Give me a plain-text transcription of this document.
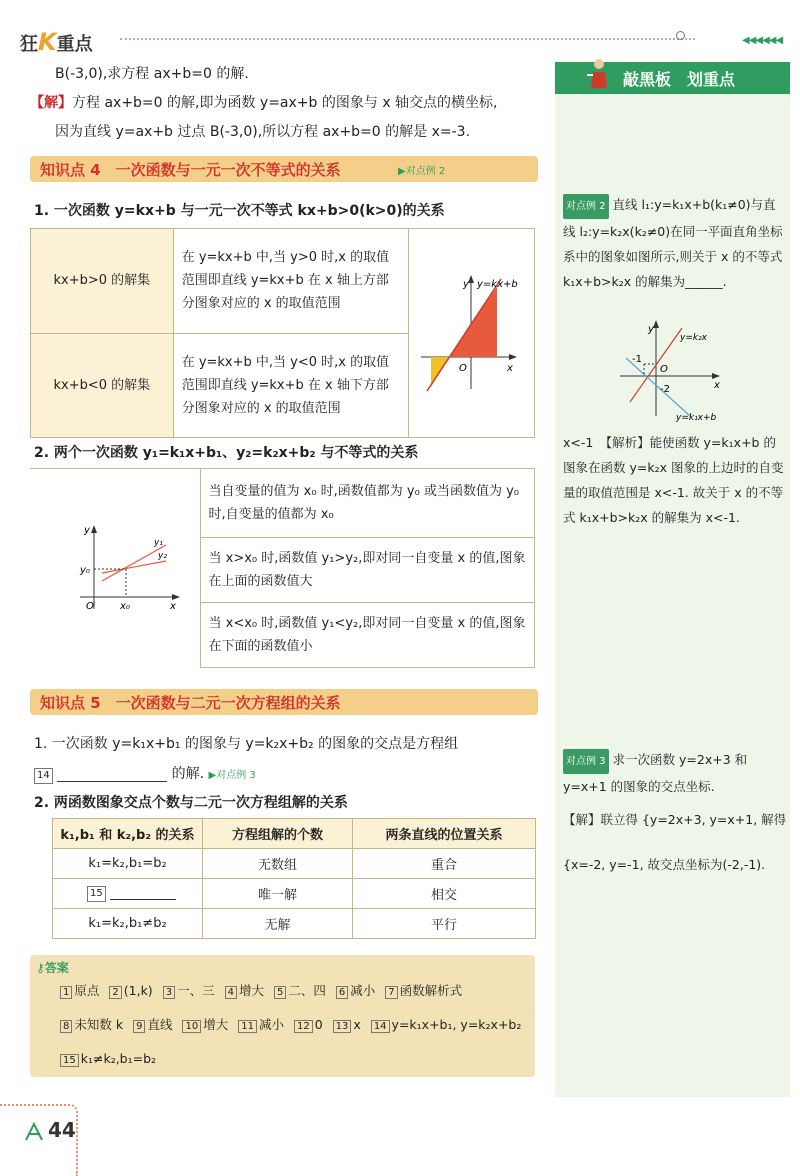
狂K重点	◀◀◀◀◀◀
B(-3,0),求方程 ax+b=0 的解.
【解】方程 ax+b=0 的解,即为函数 y=ax+b 的图象与 x 轴交点的横坐标,
因为直线 y=ax+b 过点 B(-3,0),所以方程 ax+b=0 的解是 x=-3.
知识点 4　一次函数与一元一次不等式的关系	▶对点例 2
1. 一次函数 y=kx+b 与一元一次不等式 kx+b>0(k>0)的关系
kx+b>0 的解集	在 y=kx+b 中,当 y>0 时,x 的取值范围即直线 y=kx+b 在 x 轴上方部分图象对应的 x 的取值范围	y y=kx+b
O x

kx+b<0 的解集	在 y=kx+b 中,当 y<0 时,x 的取值范围即直线 y=kx+b 在 x 轴下方部分图象对应的 x 的取值范围	
2. 两个一次函数 y₁=k₁x+b₁、y₂=k₂x+b₂ 与不等式的关系
y
y₀
O	x₀	x
y₁
y₂
	当自变量的值为 x₀ 时,函数值都为 y₀ 或当函数值为 y₀ 时,自变量的值都为 x₀
当 x>x₀ 时,函数值 y₁>y₂,即对同一自变量 x 的值,图象在上面的函数值大
当 x<x₀ 时,函数值 y₁<y₂,即对同一自变量 x 的值,图象在下面的函数值小
知识点 5　一次函数与二元一次方程组的关系
1. 一次函数 y=k₁x+b₁ 的图象与 y=k₂x+b₂ 的图象的交点是方程组
14	的解. ▶对点例 3
2. 两函数图象交点个数与二元一次方程组解的关系
k₁,b₁ 和 k₂,b₂ 的关系	方程组解的个数	两条直线的位置关系
k₁=k₂,b₁=b₂	无数组	重合
15	唯一解	相交
k₁=k₂,b₁≠b₂	无解	平行
⚷答案
1 原点 2 (1,k) 3 一、三 4 增大 5 二、四 6 减小 7 函数解析式
8 未知数 k 9 直线 10 增大 11 减小 12 0 13 x 14 y=k₁x+b₁, y=k₂x+b₂
15 k₁≠k₂,b₁=b₂
敲黑板　划重点
对点例 2 直线 l₁:y=k₁x+b(k₁≠0)与直线 l₂:y=k₂x(k₂≠0)在同一平面直角坐标系中的图象如图所示,则关于 x 的不等式 k₁x+b>k₂x 的解集为______.
y
O
x
-1
-2
y=k₂x
y=k₁x+b
x<-1　【解析】能使函数 y=k₁x+b 的图象在函数 y=k₂x 图象的上边时的自变量的取值范围是 x<-1. 故关于 x 的不等式 k₁x+b>k₂x 的解集为 x<-1.
对点例 3 求一次函数 y=2x+3 和 y=x+1 的图象的交点坐标.
【解】联立得 {y=2x+3, y=x+1, 解得
{x=-2, y=-1, 故交点坐标为(-2,-1).
44
